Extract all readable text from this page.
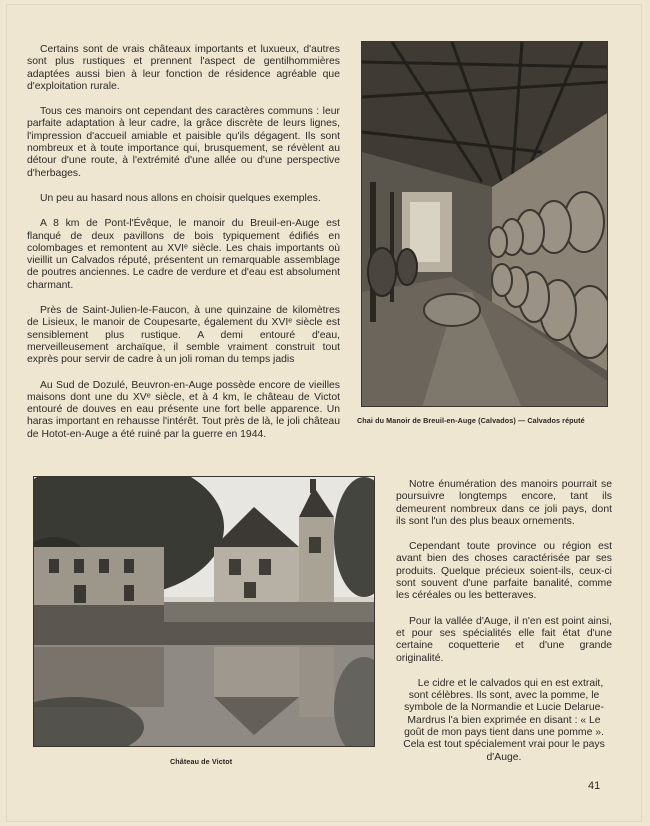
Certains sont de vrais châteaux importants et luxueux, d'autres sont plus rustiques et prennent l'aspect de gentilhommières adaptées aussi bien à leur fonction de résidence agréable que d'exploitation rurale.

Tous ces manoirs ont cependant des caractères communs : leur parfaite adaptation à leur cadre, la grâce discrète de leurs lignes, l'impression d'accueil amiable et paisible qu'ils dégagent. Ils sont nombreux et à toute importance qui, brusquement, se révèlent au détour d'une route, à l'extrémité d'une allée ou d'une perspective d'herbages.

Un peu au hasard nous allons en choisir quelques exemples.

A 8 km de Pont-l'Évêque, le manoir du Breuil-en-Auge est flanqué de deux pavillons de bois typiquement édifiés en colombages et remontent au XVIᵉ siècle. Les chais importants où vieillit un Calvados réputé, présentent un remarquable assemblage de poutres anciennes. Le cadre de verdure et d'eau est absolument charmant.

Près de Saint-Julien-le-Faucon, à une quinzaine de kilomètres de Lisieux, le manoir de Coupesarte, également du XVIᵉ siècle est sensiblement plus rustique. A demi entouré d'eau, merveilleusement archaïque, il semble vraiment construit tout exprès pour servir de cadre à un joli roman du temps jadis

Au Sud de Dozulé, Beuvron-en-Auge possède encore de vieilles maisons dont une du XVᵉ siècle, et à 4 km, le château de Victot entouré de douves en eau présente une fort belle apparence. Un haras important en rehausse l'intérêt. Tout près de là, le joli château de Hotot-en-Auge a été ruiné par la guerre en 1944.

Chai du Manoir de Breuil-en-Auge (Calvados) — Calvados réputé
Château de Victot

Notre énumération des manoirs pourrait se poursuivre longtemps encore, tant ils demeurent nombreux dans ce joli pays, dont ils sont l'un des plus beaux ornements.

Cependant toute province ou région est avant bien des choses caractérisée par ses produits. Quelque précieux soient-ils, ceux-ci sont souvent d'une parfaite banalité, comme les céréales ou les betteraves.

Pour la vallée d'Auge, il n'en est point ainsi, et pour ses spécialités elle fait état d'une certaine coquetterie et d'une grande originalité.

Le cidre et le calvados qui en est extrait, sont célèbres. Ils sont, avec la pomme, le symbole de la Normandie et Lucie Delarue-Mardrus l'a bien exprimée en disant : « Le goût de mon pays tient dans une pomme ». Cela est tout spécialement vrai pour le pays d'Auge.

41
